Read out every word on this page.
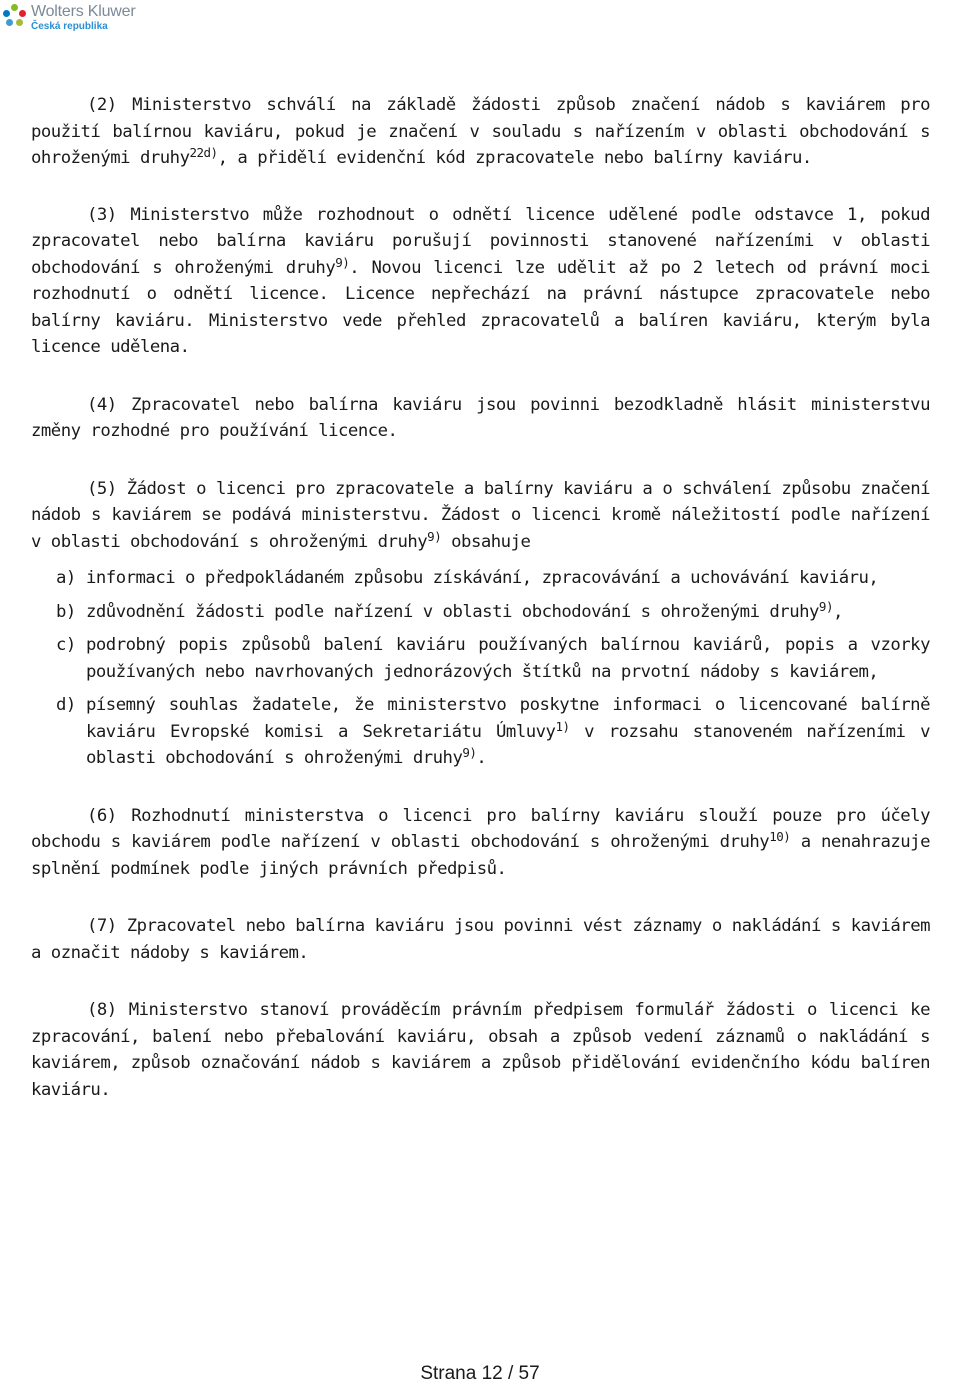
Wolters Kluwer
Česká republika

(2) Ministerstvo schválí na základě žádosti způsob značení nádob s kaviárem pro použití balírnou kaviáru, pokud je značení v souladu s nařízením v oblasti obchodování s ohroženými druhy$^{22d)}$, a přidělí evidenční kód zpracovatele nebo balírny kaviáru.

(3) Ministerstvo může rozhodnout o odnětí licence udělené podle odstavce 1, pokud zpracovatel nebo balírna kaviáru porušují povinnosti stanovené nařízeními v oblasti obchodování s ohroženými druhy$^{9)}$. Novou licenci lze udělit až po 2 letech od právní moci rozhodnutí o odnětí licence. Licence nepřechází na právní nástupce zpracovatele nebo balírny kaviáru. Ministerstvo vede přehled zpracovatelů a balíren kaviáru, kterým byla licence udělena.

(4) Zpracovatel nebo balírna kaviáru jsou povinni bezodkladně hlásit ministerstvu změny rozhodné pro používání licence.

(5) Žádost o licenci pro zpracovatele a balírny kaviáru a o schválení způsobu značení nádob s kaviárem se podává ministerstvu. Žádost o licenci kromě náležitostí podle nařízení v oblasti obchodování s ohroženými druhy$^{9)}$ obsahuje

a) informaci o předpokládaném způsobu získávání, zpracovávání a uchovávání kaviáru,
b) zdůvodnění žádosti podle nařízení v oblasti obchodování s ohroženými druhy$^{9)}$,
c) podrobný popis způsobů balení kaviáru používaných balírnou kaviárů, popis a vzorky používaných nebo navrhovaných jednorázových štítků na prvotní nádoby s kaviárem,
d) písemný souhlas žadatele, že ministerstvo poskytne informaci o licencované balírně kaviáru Evropské komisi a Sekretariátu Úmluvy$^{1)}$ v rozsahu stanoveném nařízeními v oblasti obchodování s ohroženými druhy$^{9)}$.

(6) Rozhodnutí ministerstva o licenci pro balírny kaviáru slouží pouze pro účely obchodu s kaviárem podle nařízení v oblasti obchodování s ohroženými druhy$^{10)}$ a nenahrazuje splnění podmínek podle jiných právních předpisů.

(7) Zpracovatel nebo balírna kaviáru jsou povinni vést záznamy o nakládání s kaviárem a označit nádoby s kaviárem.

(8) Ministerstvo stanoví prováděcím právním předpisem formulář žádosti o licenci ke zpracování, balení nebo přebalování kaviáru, obsah a způsob vedení záznamů o nakládání s kaviárem, způsob označování nádob s kaviárem a způsob přidělování evidenčního kódu balíren kaviáru.

Strana 12 / 57
